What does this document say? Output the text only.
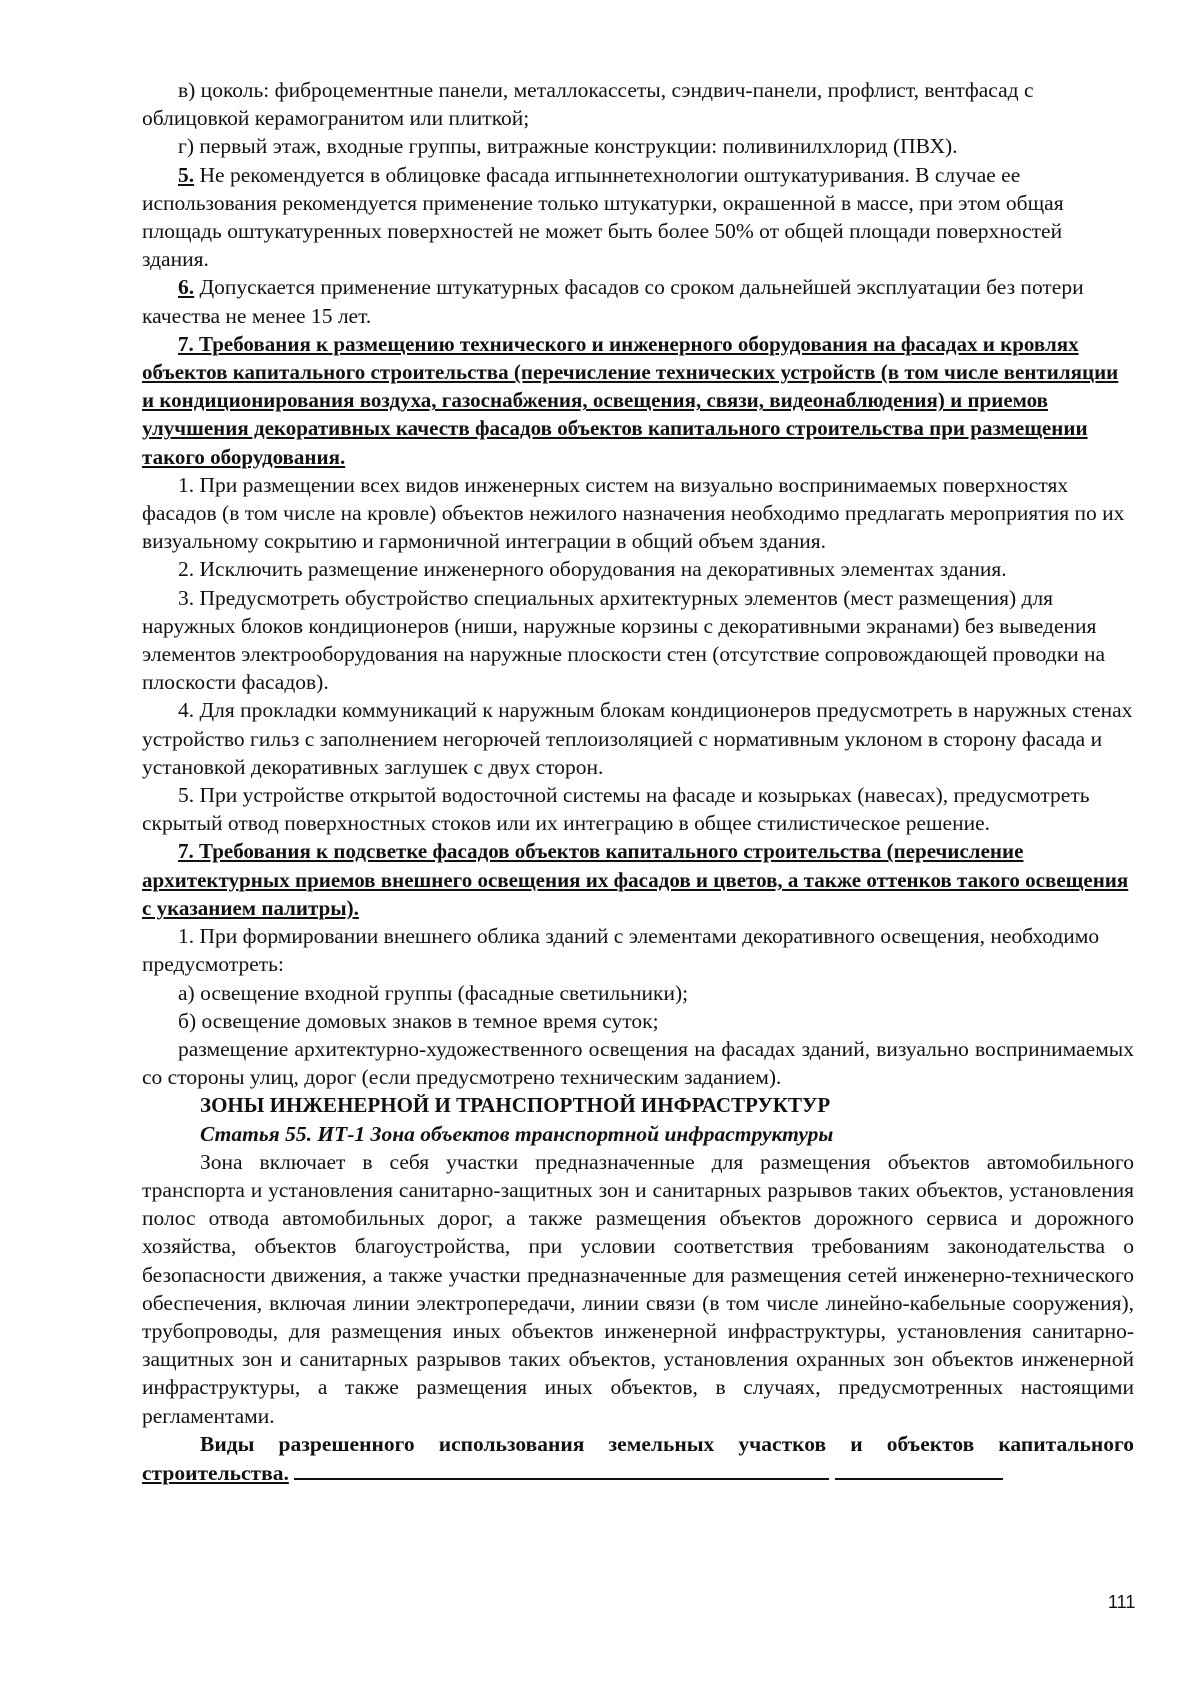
в) цоколь: фиброцементные панели, металлокассеты, сэндвич-панели, профлист, вентфасад с облицовкой керамогранитом или плиткой;

г) первый этаж, входные группы, витражные конструкции: поливинилхлорид (ПВХ).

5. Не рекомендуется в облицовке фасада игпыннетехнологии оштукатуривания. В случае ее использования рекомендуется применение только штукатурки, окрашенной в массе, при этом общая площадь оштукатуренных поверхностей не может быть более 50% от общей площади поверхностей здания.

6. Допускается применение штукатурных фасадов со сроком дальнейшей эксплуатации без потери качества не менее 15 лет.

7. Требования к размещению технического и инженерного оборудования на фасадах и кровлях объектов капитального строительства (перечисление технических устройств (в том числе вентиляции и кондиционирования воздуха, газоснабжения, освещения, связи, видеонаблюдения) и приемов улучшения декоративных качеств фасадов объектов капитального строительства при размещении такого оборудования.

1. При размещении всех видов инженерных систем на визуально воспринимаемых поверхностях фасадов (в том числе на кровле) объектов нежилого назначения необходимо предлагать мероприятия по их визуальному сокрытию и гармоничной интеграции в общий объем здания.

2. Исключить размещение инженерного оборудования на декоративных элементах здания.

3. Предусмотреть обустройство специальных архитектурных элементов (мест размещения) для наружных блоков кондиционеров (ниши, наружные корзины с декоративными экранами) без выведения элементов электрооборудования на наружные плоскости стен (отсутствие сопровождающей проводки на плоскости фасадов).

4. Для прокладки коммуникаций к наружным блокам кондиционеров предусмотреть в наружных стенах устройство гильз с заполнением негорючей теплоизоляцией с нормативным уклоном в сторону фасада и установкой декоративных заглушек с двух сторон.

5. При устройстве открытой водосточной системы на фасаде и козырьках (навесах), предусмотреть скрытый отвод поверхностных стоков или их интеграцию в общее стилистическое решение.

7. Требования к подсветке фасадов объектов капитального строительства (перечисление архитектурных приемов внешнего освещения их фасадов и цветов, а также оттенков такого освещения с указанием палитры).

1. При формировании внешнего облика зданий с элементами декоративного освещения, необходимо предусмотреть:

а) освещение входной группы (фасадные светильники);

б) освещение домовых знаков в темное время суток;

размещение архитектурно-художественного освещения на фасадах зданий, визуально воспринимаемых со стороны улиц, дорог (если предусмотрено техническим заданием).

ЗОНЫ ИНЖЕНЕРНОЙ И ТРАНСПОРТНОЙ ИНФРАСТРУКТУР

Статья 55. ИТ-1 Зона объектов транспортной инфраструктуры

Зона включает в себя участки предназначенные для размещения объектов автомобильного транспорта и установления санитарно-защитных зон и санитарных разрывов таких объектов, установления полос отвода автомобильных дорог, а также размещения объектов дорожного сервиса и дорожного хозяйства, объектов благоустройства, при условии соответствия требованиям законодательства о безопасности движения, а также участки предназначенные для размещения сетей инженерно-технического обеспечения, включая линии электропередачи, линии связи (в том числе линейно-кабельные сооружения), трубопроводы, для размещения иных объектов инженерной инфраструктуры, установления санитарно-защитных зон и санитарных разрывов таких объектов, установления охранных зон объектов инженерной инфраструктуры, а также размещения иных объектов, в случаях, предусмотренных настоящими регламентами.

Виды разрешенного использования земельных участков и объектов капитального строительства.

111
